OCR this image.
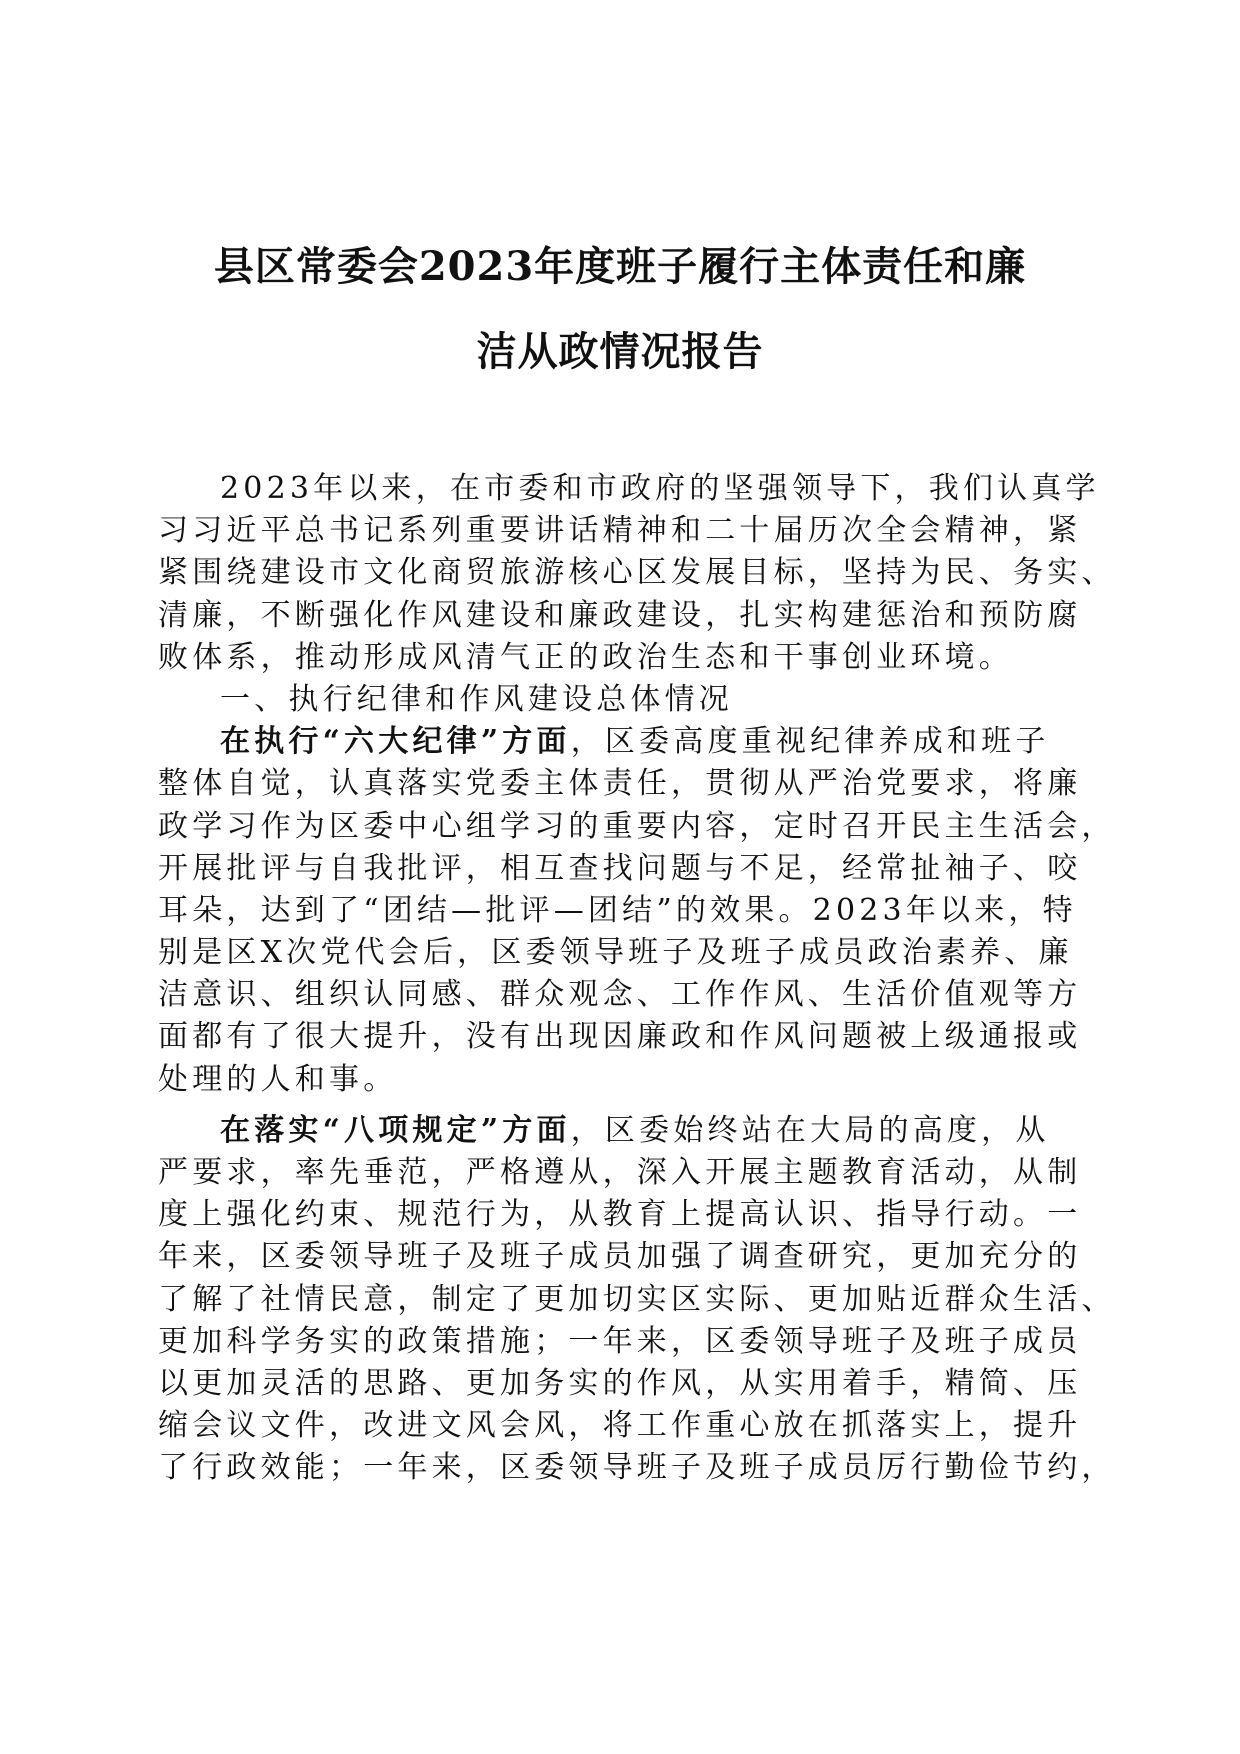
县区常委会2023年度班子履行主体责任和廉
洁从政情况报告
2023年以来，在市委和市政府的坚强领导下，我们认真学
习习近平总书记系列重要讲话精神和二十届历次全会精神，紧
紧围绕建设市文化商贸旅游核心区发展目标，坚持为民、务实、
清廉，不断强化作风建设和廉政建设，扎实构建惩治和预防腐
败体系，推动形成风清气正的政治生态和干事创业环境。
一、执行纪律和作风建设总体情况
在执行“六大纪律”方面，区委高度重视纪律养成和班子
整体自觉，认真落实党委主体责任，贯彻从严治党要求，将廉
政学习作为区委中心组学习的重要内容，定时召开民主生活会，
开展批评与自我批评，相互查找问题与不足，经常扯袖子、咬
耳朵，达到了“团结—批评—团结”的效果。2023年以来，特
别是区X次党代会后，区委领导班子及班子成员政治素养、廉
洁意识、组织认同感、群众观念、工作作风、生活价值观等方
面都有了很大提升，没有出现因廉政和作风问题被上级通报或
处理的人和事。
在落实“八项规定”方面，区委始终站在大局的高度，从
严要求，率先垂范，严格遵从，深入开展主题教育活动，从制
度上强化约束、规范行为，从教育上提高认识、指导行动。一
年来，区委领导班子及班子成员加强了调查研究，更加充分的
了解了社情民意，制定了更加切实区实际、更加贴近群众生活、
更加科学务实的政策措施；一年来，区委领导班子及班子成员
以更加灵活的思路、更加务实的作风，从实用着手，精简、压
缩会议文件，改进文风会风，将工作重心放在抓落实上，提升
了行政效能；一年来，区委领导班子及班子成员厉行勤俭节约，
